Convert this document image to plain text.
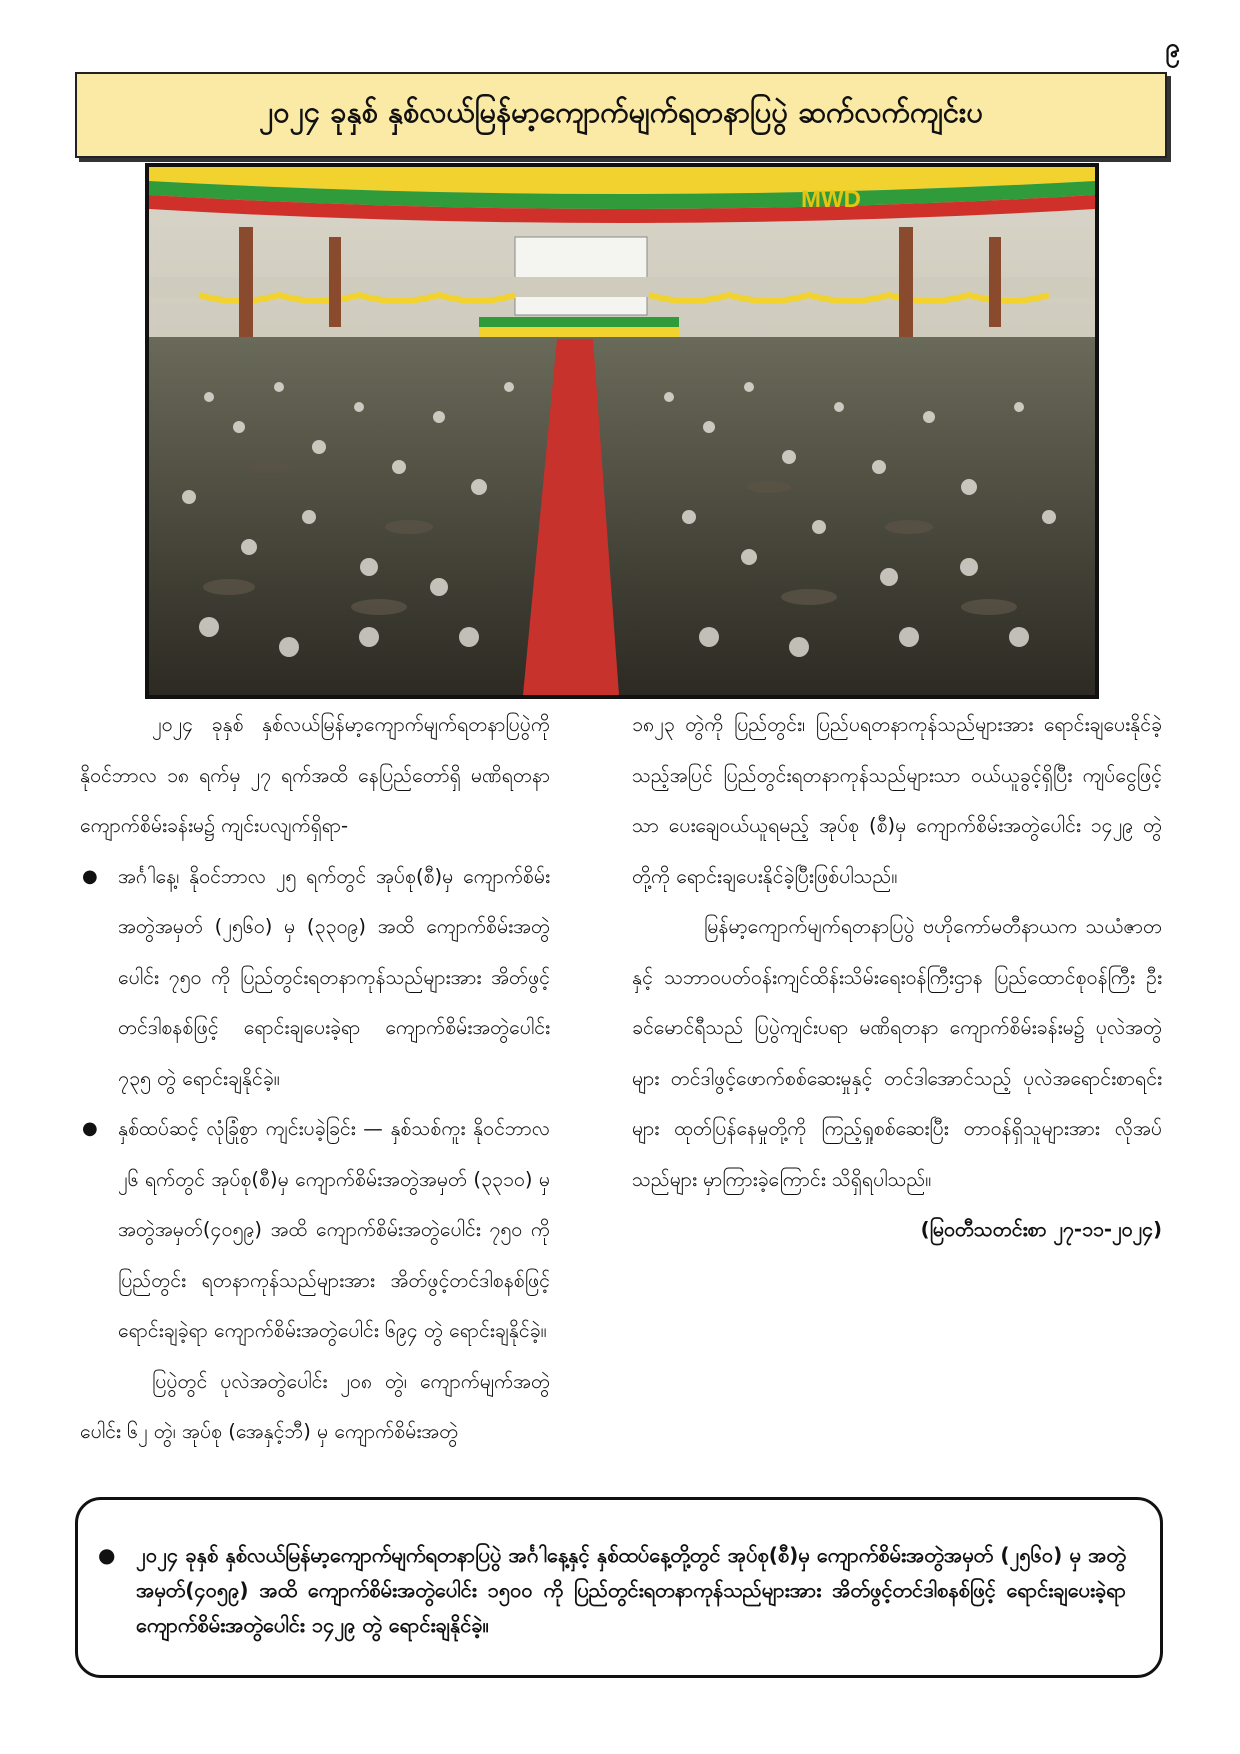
၉
၂၀၂၄ ခုနှစ် နှစ်လယ်မြန်မာ့ကျောက်မျက်ရတနာပြပွဲ ဆက်လက်ကျင်းပ
MWD

၂၀၂၄ ခုနှစ် နှစ်လယ်မြန်မာ့ကျောက်မျက်ရတနာပြပွဲကို နိုဝင်ဘာလ ၁၈ ရက်မှ ၂၇ ရက်အထိ နေပြည်တော်ရှိ မဏိရတနာကျောက်စိမ်းခန်းမ၌ ကျင်းပလျက်ရှိရာ-

● အင်္ဂါနေ့၊ နိုဝင်ဘာလ ၂၅ ရက်တွင် အုပ်စု(စီ)မှ ကျောက်စိမ်းအတွဲအမှတ် (၂၅၆၀) မှ (၃၃၀၉) အထိ ကျောက်စိမ်းအတွဲပေါင်း ၇၅၀ ကို ပြည်တွင်းရတနာကုန်သည်များအား အိတ်ဖွင့်တင်ဒါစနစ်ဖြင့် ရောင်းချပေးခဲ့ရာ ကျောက်စိမ်းအတွဲပေါင်း ၇၃၅ တွဲ ရောင်းချနိုင်ခဲ့။
● နှစ်ထပ်ဆင့် လုံခြုံစွာ ကျင်းပခဲ့ခြင်း — နှစ်သစ်ကူး နိုဝင်ဘာလ ၂၆ ရက်တွင် အုပ်စု(စီ)မှ ကျောက်စိမ်းအတွဲအမှတ် (၃၃၁၀) မှ အတွဲအမှတ်(၄၀၅၉) အထိ ကျောက်စိမ်းအတွဲပေါင်း ၇၅၀ ကို ပြည်တွင်း ရတနာကုန်သည်များအား အိတ်ဖွင့်တင်ဒါစနစ်ဖြင့် ရောင်းချခဲ့ရာ ကျောက်စိမ်းအတွဲပေါင်း ၆၉၄ တွဲ ရောင်းချနိုင်ခဲ့။

ပြပွဲတွင် ပုလဲအတွဲပေါင်း ၂၀၈ တွဲ၊ ကျောက်မျက်အတွဲပေါင်း ၆၂ တွဲ၊ အုပ်စု (အေနှင့်ဘီ) မှ ကျောက်စိမ်းအတွဲ

၁၈၂၃ တွဲကို ပြည်တွင်း၊ ပြည်ပရတနာကုန်သည်များအား ရောင်းချပေးနိုင်ခဲ့သည့်အပြင် ပြည်တွင်းရတနာကုန်သည်များသာ ဝယ်ယူခွင့်ရှိပြီး ကျပ်ငွေဖြင့်သာ ပေးချေဝယ်ယူရမည့် အုပ်စု (စီ)မှ ကျောက်စိမ်းအတွဲပေါင်း ၁၄၂၉ တွဲ တို့ကို ရောင်းချပေးနိုင်ခဲ့ပြီးဖြစ်ပါသည်။

မြန်မာ့ကျောက်မျက်ရတနာပြပွဲ ဗဟိုကော်မတီနာယက သယံဇာတနှင့် သဘာဝပတ်ဝန်းကျင်ထိန်းသိမ်းရေးဝန်ကြီးဌာန ပြည်ထောင်စုဝန်ကြီး ဦးခင်မောင်ရီသည် ပြပွဲကျင်းပရာ မဏိရတနာ ကျောက်စိမ်းခန်းမ၌ ပုလဲအတွဲများ တင်ဒါဖွင့်ဖောက်စစ်ဆေးမှုနှင့် တင်ဒါအောင်သည့် ပုလဲအရောင်းစာရင်းများ ထုတ်ပြန်နေမှုတို့ကို ကြည့်ရှုစစ်ဆေးပြီး တာဝန်ရှိသူများအား လိုအပ်သည်များ မှာကြားခဲ့ကြောင်း သိရှိရပါသည်။

(မြဝတီသတင်းစာ ၂၇-၁၁-၂၀၂၄)

● ၂၀၂၄ ခုနှစ် နှစ်လယ်မြန်မာ့ကျောက်မျက်ရတနာပြပွဲ အင်္ဂါနေ့နှင့် နှစ်ထပ်နေ့တို့တွင် အုပ်စု(စီ)မှ ကျောက်စိမ်းအတွဲအမှတ် (၂၅၆၀) မှ အတွဲအမှတ်(၄၀၅၉) အထိ ကျောက်စိမ်းအတွဲပေါင်း ၁၅၀၀ ကို ပြည်တွင်းရတနာကုန်သည်များအား အိတ်ဖွင့်တင်ဒါစနစ်ဖြင့် ရောင်းချပေးခဲ့ရာ ကျောက်စိမ်းအတွဲပေါင်း ၁၄၂၉ တွဲ ရောင်းချနိုင်ခဲ့။
